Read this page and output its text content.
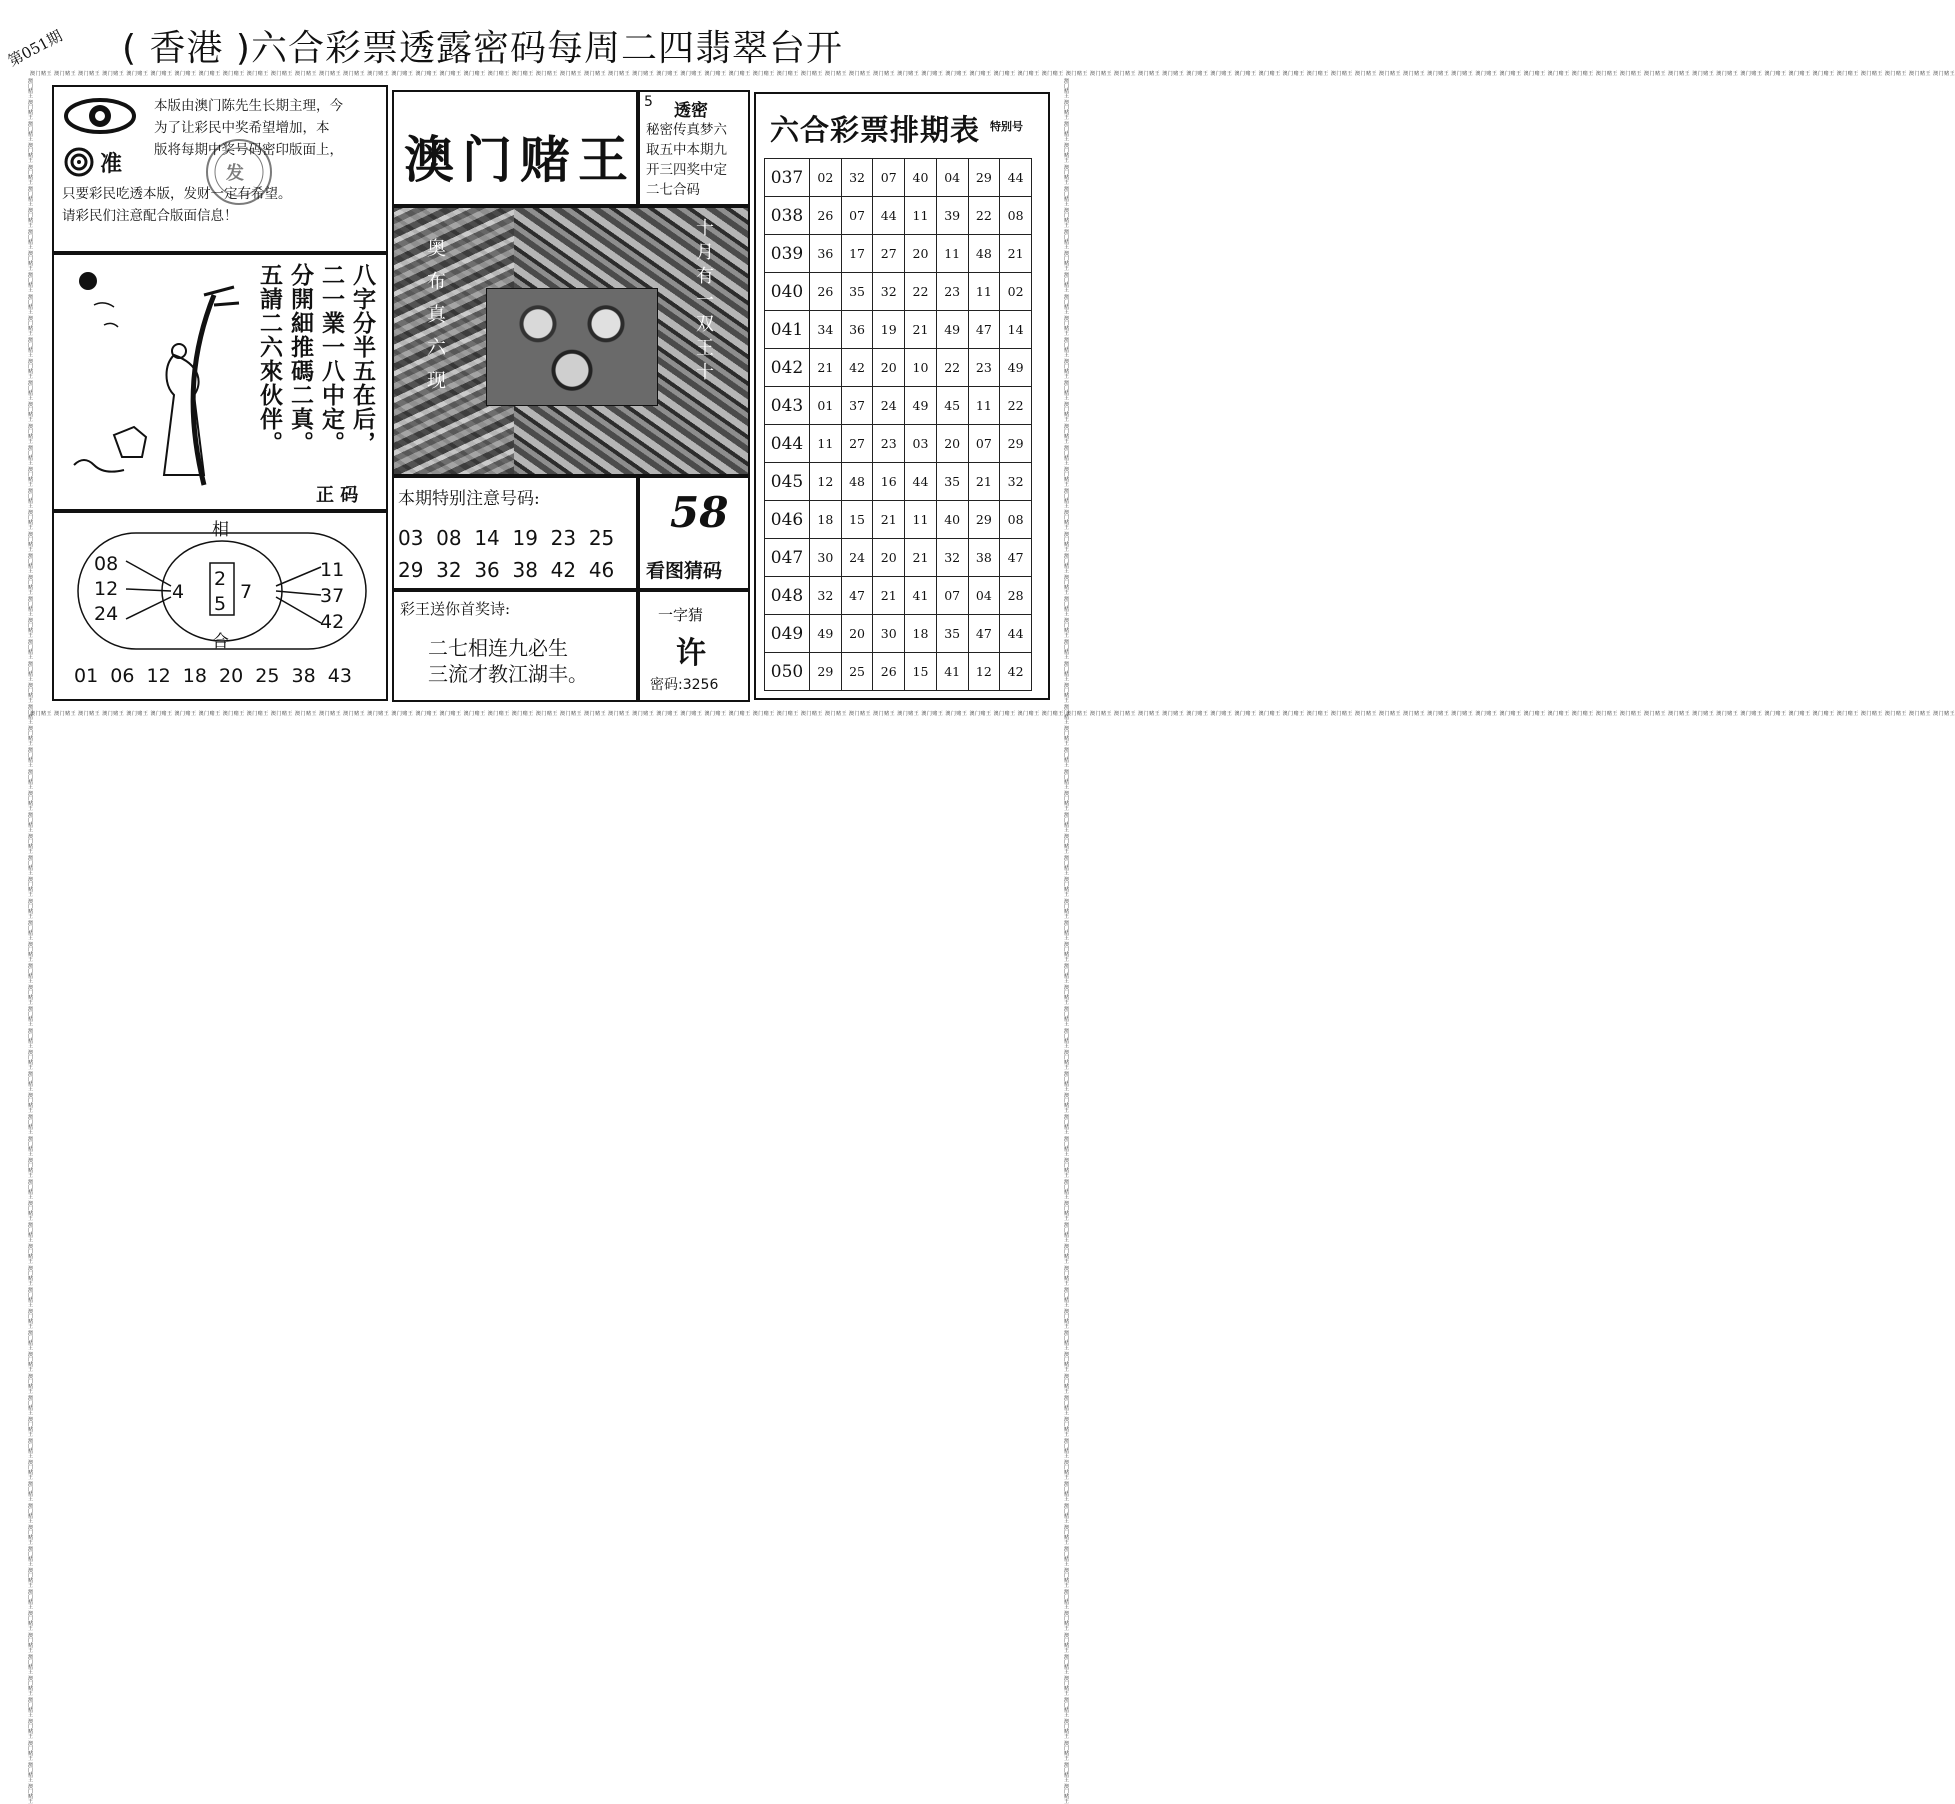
澳门赌王 澳门赌王 澳门赌王 澳门赌王 澳门赌王 澳门赌王 澳门赌王 澳门赌王 澳门赌王 澳门赌王 澳门赌王 澳门赌王 澳门赌王 澳门赌王 澳门赌王 澳门赌王 澳门赌王 澳门赌王 澳门赌王 澳门赌王 澳门赌王 澳门赌王 澳门赌王 澳门赌王 澳门赌王 澳门赌王 澳门赌王 澳门赌王 澳门赌王 澳门赌王 澳门赌王 澳门赌王 澳门赌王 澳门赌王 澳门赌王 澳门赌王 澳门赌王 澳门赌王 澳门赌王 澳门赌王 澳门赌王 澳门赌王 澳门赌王 澳门赌王 澳门赌王 澳门赌王 澳门赌王 澳门赌王 澳门赌王 澳门赌王 澳门赌王 澳门赌王 澳门赌王 澳门赌王 澳门赌王 澳门赌王 澳门赌王 澳门赌王 澳门赌王 澳门赌王 澳门赌王 澳门赌王 澳门赌王 澳门赌王 澳门赌王 澳门赌王 澳门赌王 澳门赌王 澳门赌王 澳门赌王 澳门赌王 澳门赌王 澳门赌王 澳门赌王 澳门赌王 澳门赌王 澳门赌王 澳门赌王 澳门赌王 澳门赌王
澳门赌王 澳门赌王 澳门赌王 澳门赌王 澳门赌王 澳门赌王 澳门赌王 澳门赌王 澳门赌王 澳门赌王 澳门赌王 澳门赌王 澳门赌王 澳门赌王 澳门赌王 澳门赌王 澳门赌王 澳门赌王 澳门赌王 澳门赌王 澳门赌王 澳门赌王 澳门赌王 澳门赌王 澳门赌王 澳门赌王 澳门赌王 澳门赌王 澳门赌王 澳门赌王 澳门赌王 澳门赌王 澳门赌王 澳门赌王 澳门赌王 澳门赌王 澳门赌王 澳门赌王 澳门赌王 澳门赌王 澳门赌王 澳门赌王 澳门赌王 澳门赌王 澳门赌王 澳门赌王 澳门赌王 澳门赌王 澳门赌王 澳门赌王 澳门赌王 澳门赌王 澳门赌王 澳门赌王 澳门赌王 澳门赌王 澳门赌王 澳门赌王 澳门赌王 澳门赌王 澳门赌王 澳门赌王 澳门赌王 澳门赌王 澳门赌王 澳门赌王 澳门赌王 澳门赌王 澳门赌王 澳门赌王 澳门赌王 澳门赌王 澳门赌王 澳门赌王 澳门赌王 澳门赌王 澳门赌王 澳门赌王 澳门赌王 澳门赌王
澳门赌王 澳门赌王 澳门赌王 澳门赌王 澳门赌王 澳门赌王 澳门赌王 澳门赌王 澳门赌王 澳门赌王 澳门赌王 澳门赌王 澳门赌王 澳门赌王 澳门赌王 澳门赌王 澳门赌王 澳门赌王 澳门赌王 澳门赌王 澳门赌王 澳门赌王 澳门赌王 澳门赌王 澳门赌王 澳门赌王 澳门赌王 澳门赌王 澳门赌王 澳门赌王 澳门赌王 澳门赌王 澳门赌王 澳门赌王 澳门赌王 澳门赌王 澳门赌王 澳门赌王 澳门赌王 澳门赌王 澳门赌王 澳门赌王 澳门赌王 澳门赌王 澳门赌王 澳门赌王 澳门赌王 澳门赌王 澳门赌王 澳门赌王 澳门赌王 澳门赌王 澳门赌王 澳门赌王 澳门赌王 澳门赌王 澳门赌王 澳门赌王 澳门赌王 澳门赌王 澳门赌王 澳门赌王 澳门赌王 澳门赌王 澳门赌王 澳门赌王 澳门赌王 澳门赌王 澳门赌王 澳门赌王 澳门赌王 澳门赌王 澳门赌王 澳门赌王 澳门赌王 澳门赌王 澳门赌王 澳门赌王 澳门赌王 澳门赌王	澳门赌王 澳门赌王 澳门赌王 澳门赌王 澳门赌王 澳门赌王 澳门赌王 澳门赌王 澳门赌王 澳门赌王 澳门赌王 澳门赌王 澳门赌王 澳门赌王 澳门赌王 澳门赌王 澳门赌王 澳门赌王 澳门赌王 澳门赌王 澳门赌王 澳门赌王 澳门赌王 澳门赌王 澳门赌王 澳门赌王 澳门赌王 澳门赌王 澳门赌王 澳门赌王 澳门赌王 澳门赌王 澳门赌王 澳门赌王 澳门赌王 澳门赌王 澳门赌王 澳门赌王 澳门赌王 澳门赌王 澳门赌王 澳门赌王 澳门赌王 澳门赌王 澳门赌王 澳门赌王 澳门赌王 澳门赌王 澳门赌王 澳门赌王 澳门赌王 澳门赌王 澳门赌王 澳门赌王 澳门赌王 澳门赌王 澳门赌王 澳门赌王 澳门赌王 澳门赌王 澳门赌王 澳门赌王 澳门赌王 澳门赌王 澳门赌王 澳门赌王 澳门赌王 澳门赌王 澳门赌王 澳门赌王 澳门赌王 澳门赌王 澳门赌王 澳门赌王 澳门赌王 澳门赌王 澳门赌王 澳门赌王 澳门赌王 澳门赌王
第051期 ( 香港 )六合彩票透露密码每周二四翡翠台开
准	发
本版由澳门陈先生长期主理，今
为了让彩民中奖希望增加，本
版将每期中奖号码密印版面上，
只要彩民吃透本版，发财一定有希望。
请彩民们注意配合版面信息！
八字分半五在后，
二一業一八中定。
分開細推碼二真。
五請二六來伙伴。
正 码
相
合
08
12
24
4
2
5
7
11
37
42
01  06  12  18  20  25  38  43
澳门赌王
5 透密
秘密传真梦六
取五中本期九
开三四奖中定
二七合码
奥布真六现	十月有一双王十
本期特别注意号码:
03  08  14  19  23  25
29  32  36  38  42  46
58
看图猜码
彩王送你首奖诗:
二七相连九必生
三流才教江湖丰。
一字猜
许
密码:3256
六合彩票排期表 特别号
037	02	32	07	40	04	29	44
038	26	07	44	11	39	22	08
039	36	17	27	20	11	48	21
040	26	35	32	22	23	11	02
041	34	36	19	21	49	47	14
042	21	42	20	10	22	23	49
043	01	37	24	49	45	11	22
044	11	27	23	03	20	07	29
045	12	48	16	44	35	21	32
046	18	15	21	11	40	29	08
047	30	24	20	21	32	38	47
048	32	47	21	41	07	04	28
049	49	20	30	18	35	47	44
050	29	25	26	15	41	12	42
